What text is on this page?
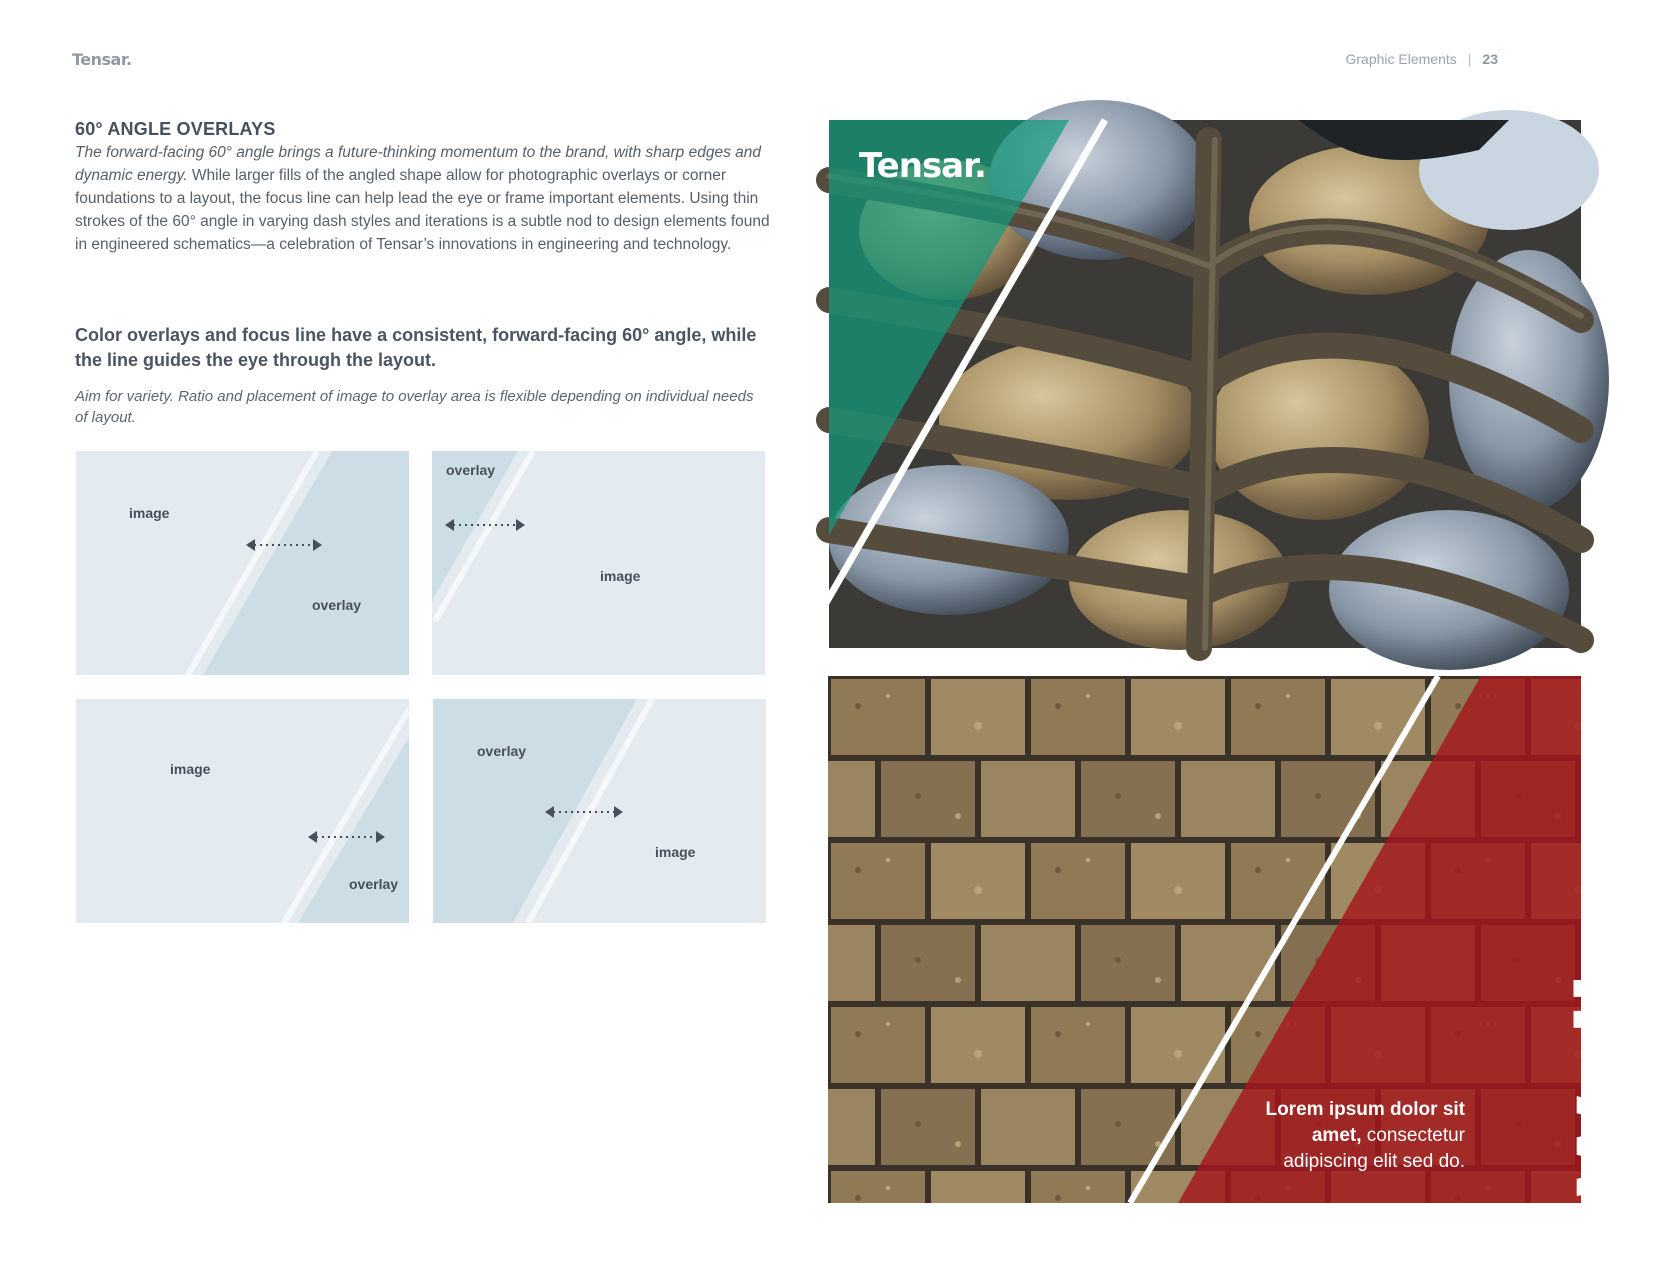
Tensar.	Graphic Elements | 23
60° ANGLE OVERLAYS
The forward-facing 60° angle brings a future-thinking momentum to the brand, with sharp edges and dynamic energy. While larger fills of the angled shape allow for photographic overlays or corner foundations to a layout, the focus line can help lead the eye or frame important elements. Using thin strokes of the 60° angle in varying dash styles and iterations is a subtle nod to design elements found in engineered schematics—a celebration of Tensar’s innovations in engineering and technology.
Color overlays and focus line have a consistent, forward-facing 60° angle, while the line guides the eye through the layout.
Aim for variety. Ratio and placement of image to overlay area is flexible depending on individual needs of layout.
image
overlay
overlay
image
image
overlay
overlay
image
Tensar.
Walls
Lorem ipsum dolor sit amet, consectetur adipiscing elit sed do.
